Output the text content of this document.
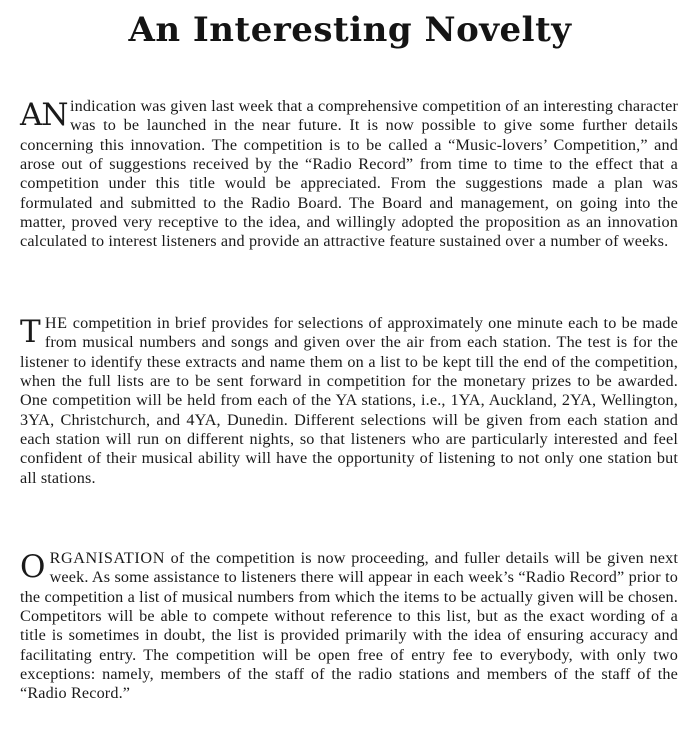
An Interesting Novelty

AN indication was given last week that a comprehensive competition of an interesting character was to be launched in the near future. It is now possible to give some further details concerning this innovation. The competition is to be called a “Music-lovers’ Competition,” and arose out of suggestions received by the “Radio Record” from time to time to the effect that a competition under this title would be appreciated. From the suggestions made a plan was formulated and submitted to the Radio Board. The Board and management, on going into the matter, proved very receptive to the idea, and willingly adopted the proposition as an innovation calculated to interest listeners and provide an attractive feature sustained over a number of weeks.

THE competition in brief provides for selections of approximately one minute each to be made from musical numbers and songs and given over the air from each station. The test is for the listener to identify these extracts and name them on a list to be kept till the end of the competition, when the full lists are to be sent forward in competition for the monetary prizes to be awarded. One competition will be held from each of the YA stations, i.e., 1YA, Auckland, 2YA, Wellington, 3YA, Christchurch, and 4YA, Dunedin. Different selections will be given from each station and each station will run on different nights, so that listeners who are particularly interested and feel confident of their musical ability will have the opportunity of listening to not only one station but all stations.

ORGANISATION of the competition is now proceeding, and fuller details will be given next week. As some assistance to listeners there will appear in each week’s “Radio Record” prior to the competition a list of musical numbers from which the items to be actually given will be chosen. Competitors will be able to compete without reference to this list, but as the exact wording of a title is sometimes in doubt, the list is provided primarily with the idea of ensuring accuracy and facilitating entry. The competition will be open free of entry fee to everybody, with only two exceptions: namely, members of the staff of the radio stations and members of the staff of the “Radio Record.”
